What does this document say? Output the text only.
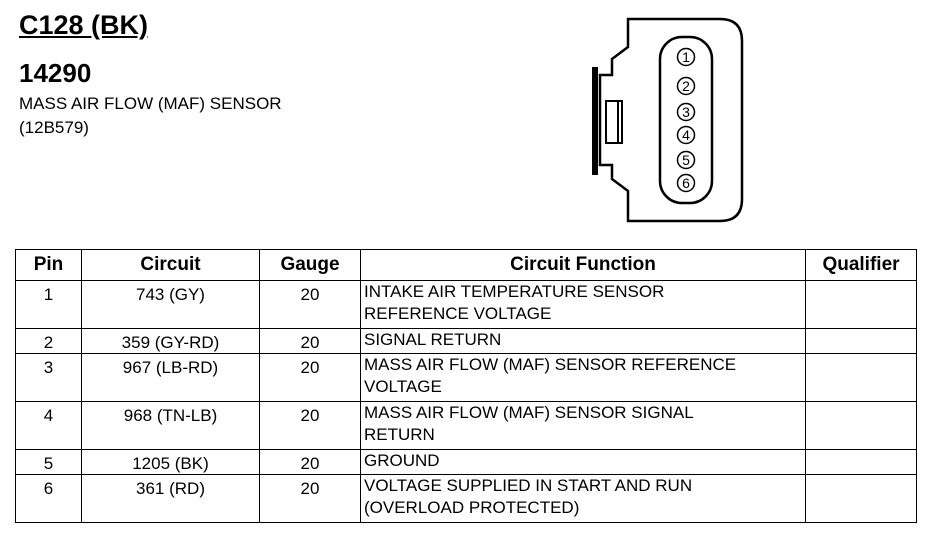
C128 (BK)
14290
MASS AIR FLOW (MAF) SENSOR
(12B579)
1
2
3
4
5
6
Pin	Circuit	Gauge	Circuit Function	Qualifier
1	743 (GY)	20	INTAKE AIR TEMPERATURE SENSOR
REFERENCE VOLTAGE	

2	359 (GY-RD)	20	SIGNAL RETURN	

3	967 (LB-RD)	20	MASS AIR FLOW (MAF) SENSOR REFERENCE
VOLTAGE	

4	968 (TN-LB)	20	MASS AIR FLOW (MAF) SENSOR SIGNAL
RETURN	

5	1205 (BK)	20	GROUND	

6	361 (RD)	20	VOLTAGE SUPPLIED IN START AND RUN
(OVERLOAD PROTECTED)	
